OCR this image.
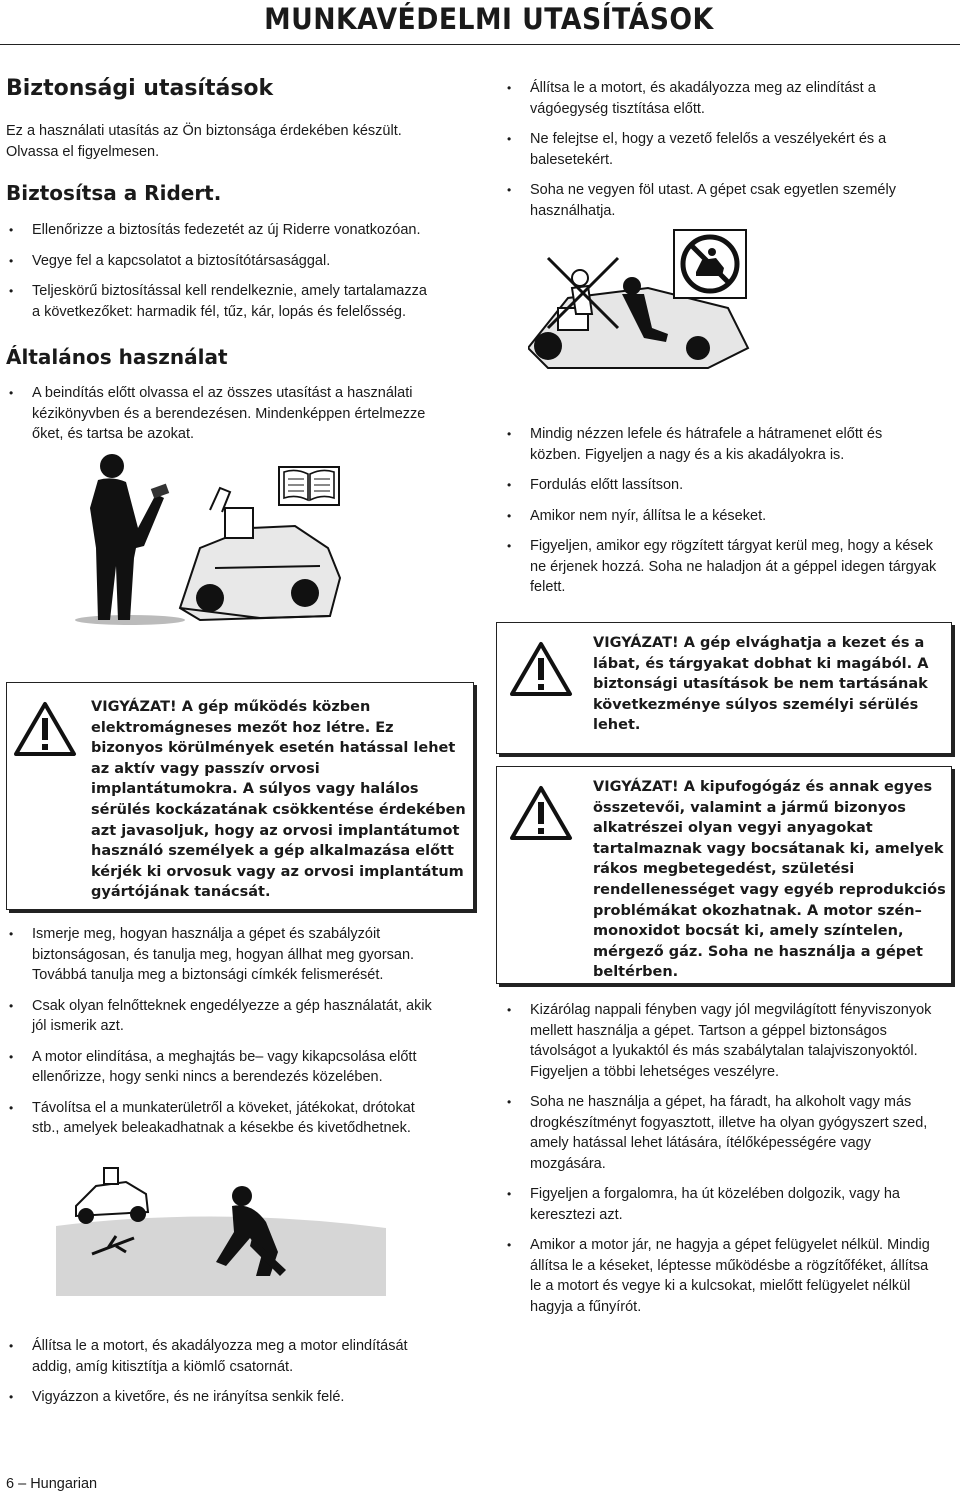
MUNKAVÉDELMI UTASÍTÁSOK
Biztonsági utasítások
Ez a használati utasítás az Ön biztonsága érdekében készült.
Olvassa el figyelmesen.
Biztosítsa a Ridert.
• Ellenőrizze a biztosítás fedezetét az új Riderre vonatkozóan.
• Vegye fel a kapcsolatot a biztosítótársasággal.
• Teljeskörű biztosítással kell rendelkeznie, amely tartalamazza
a következőket: harmadik fél, tűz, kár, lopás és felelősség.
Általános használat
• A beindítás előtt olvassa el az összes utasítást a használati
kézikönyvben és a berendezésen. Mindenképpen értelmezze
őket, és tartsa be azokat.
VIGYÁZAT! A gép működés közben
elektromágneses mezőt hoz létre. Ez
bizonyos körülmények esetén hatással lehet
az aktív vagy passzív orvosi
implantátumokra. A súlyos vagy halálos
sérülés kockázatának csökkentése érdekében
azt javasoljuk, hogy az orvosi implantátumot
használó személyek a gép alkalmazása előtt
kérjék ki orvosuk vagy az orvosi implantátum
gyártójának tanácsát.
• Ismerje meg, hogyan használja a gépet és szabályzóit
biztonságosan, és tanulja meg, hogyan állhat meg gyorsan.
Továbbá tanulja meg a biztonsági címkék felismerését.
• Csak olyan felnőtteknek engedélyezze a gép használatát, akik
jól ismerik azt.
• A motor elindítása, a meghajtás be– vagy kikapcsolása előtt
ellenőrizze, hogy senki nincs a berendezés közelében.
• Távolítsa el a munkaterületről a köveket, játékokat, drótokat
stb., amelyek beleakadhatnak a késekbe és kivetődhetnek.
• Állítsa le a motort, és akadályozza meg a motor elindítását
addig, amíg kitisztítja a kiömlő csatornát.
• Vigyázzon a kivetőre, és ne irányítsa senkik felé.
6 – Hungarian
• Állítsa le a motort, és akadályozza meg az elindítást a
vágóegység tisztítása előtt.
• Ne felejtse el, hogy a vezető felelős a veszélyekért és a
balesetekért.
• Soha ne vegyen föl utast. A gépet csak egyetlen személy
használhatja.
• Mindig nézzen lefele és hátrafele a hátramenet előtt és
közben. Figyeljen a nagy és a kis akadályokra is.
• Fordulás előtt lassítson.
• Amikor nem nyír, állítsa le a késeket.
• Figyeljen, amikor egy rögzített tárgyat kerül meg, hogy a kések
ne érjenek hozzá. Soha ne haladjon át a géppel idegen tárgyak
felett.
VIGYÁZAT! A gép elvághatja a kezet és a
lábat, és tárgyakat dobhat ki magából. A
biztonsági utasítások be nem tartásának
következménye súlyos személyi sérülés
lehet.
VIGYÁZAT! A kipufogógáz és annak egyes
összetevői, valamint a jármű bizonyos
alkatrészei olyan vegyi anyagokat
tartalmaznak vagy bocsátanak ki, amelyek
rákos megbetegedést, születési
rendellenességet vagy egyéb reprodukciós
problémákat okozhatnak. A motor szén–
monoxidot bocsát ki, amely színtelen,
mérgező gáz. Soha ne használja a gépet
beltérben.
• Kizárólag nappali fényben vagy jól megvilágított fényviszonyok
mellett használja a gépet. Tartson a géppel biztonságos
távolságot a lyukaktól és más szabálytalan talajviszonyoktól.
Figyeljen a többi lehetséges veszélyre.
• Soha ne használja a gépet, ha fáradt, ha alkoholt vagy más
drogkészítményt fogyasztott, illetve ha olyan gyógyszert szed,
amely hatással lehet látására, ítélőképességére vagy
mozgására.
• Figyeljen a forgalomra, ha út közelében dolgozik, vagy ha
keresztezi azt.
• Amikor a motor jár, ne hagyja a gépet felügyelet nélkül. Mindig
állítsa le a késeket, léptesse működésbe a rögzítőféket, állítsa
le a motort és vegye ki a kulcsokat, mielőtt felügyelet nélkül
hagyja a fűnyírót.
